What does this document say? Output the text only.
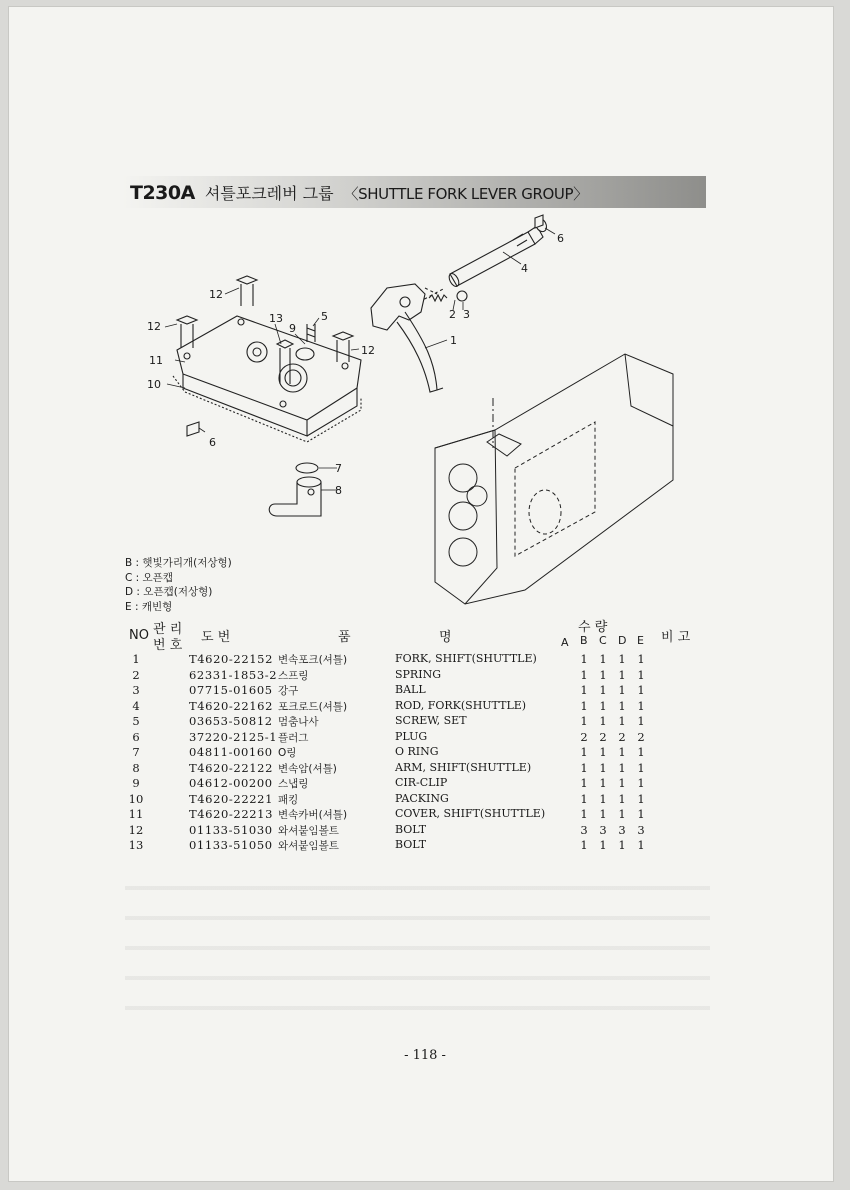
T230A 셔틀포크레버 그룹 〈SHUTTLE FORK LEVER GROUP〉
12
12
12
13
9
5
11
10
6
7
8
1
2 3
4
6
B : 햇빛가리개(저상형)
C : 오픈캡
D : 오픈캡(저상형)
E : 캐빈형
NO 관 리
번 호
도 번	품	명
수 량
A B C D E 비 고
1	T4620-22152 변속포크(셔틀)	FORK, SHIFT(SHUTTLE)	1 1 1 1
2	62331-1853-2 스프링	SPRING	1 1 1 1
3	07715-01605 강구	BALL	1 1 1 1
4	T4620-22162 포크로드(셔틀)	ROD, FORK(SHUTTLE)	1 1 1 1
5	03653-50812 멈춤나사	SCREW, SET	1 1 1 1
6	37220-2125-1 플러그	PLUG	2 2 2 2
7	04811-00160 O링	O RING	1 1 1 1
8	T4620-22122 변속암(셔틀)	ARM, SHIFT(SHUTTLE)	1 1 1 1
9	04612-00200 스냅링	CIR-CLIP	1 1 1 1
10	T4620-22221 패킹	PACKING	1 1 1 1
11	T4620-22213 변속카버(셔틀)	COVER, SHIFT(SHUTTLE)	1 1 1 1
12	01133-51030 와셔붙임볼트	BOLT	3 3 3 3
13	01133-51050 와셔붙임볼트	BOLT	1 1 1 1
- 118 -
